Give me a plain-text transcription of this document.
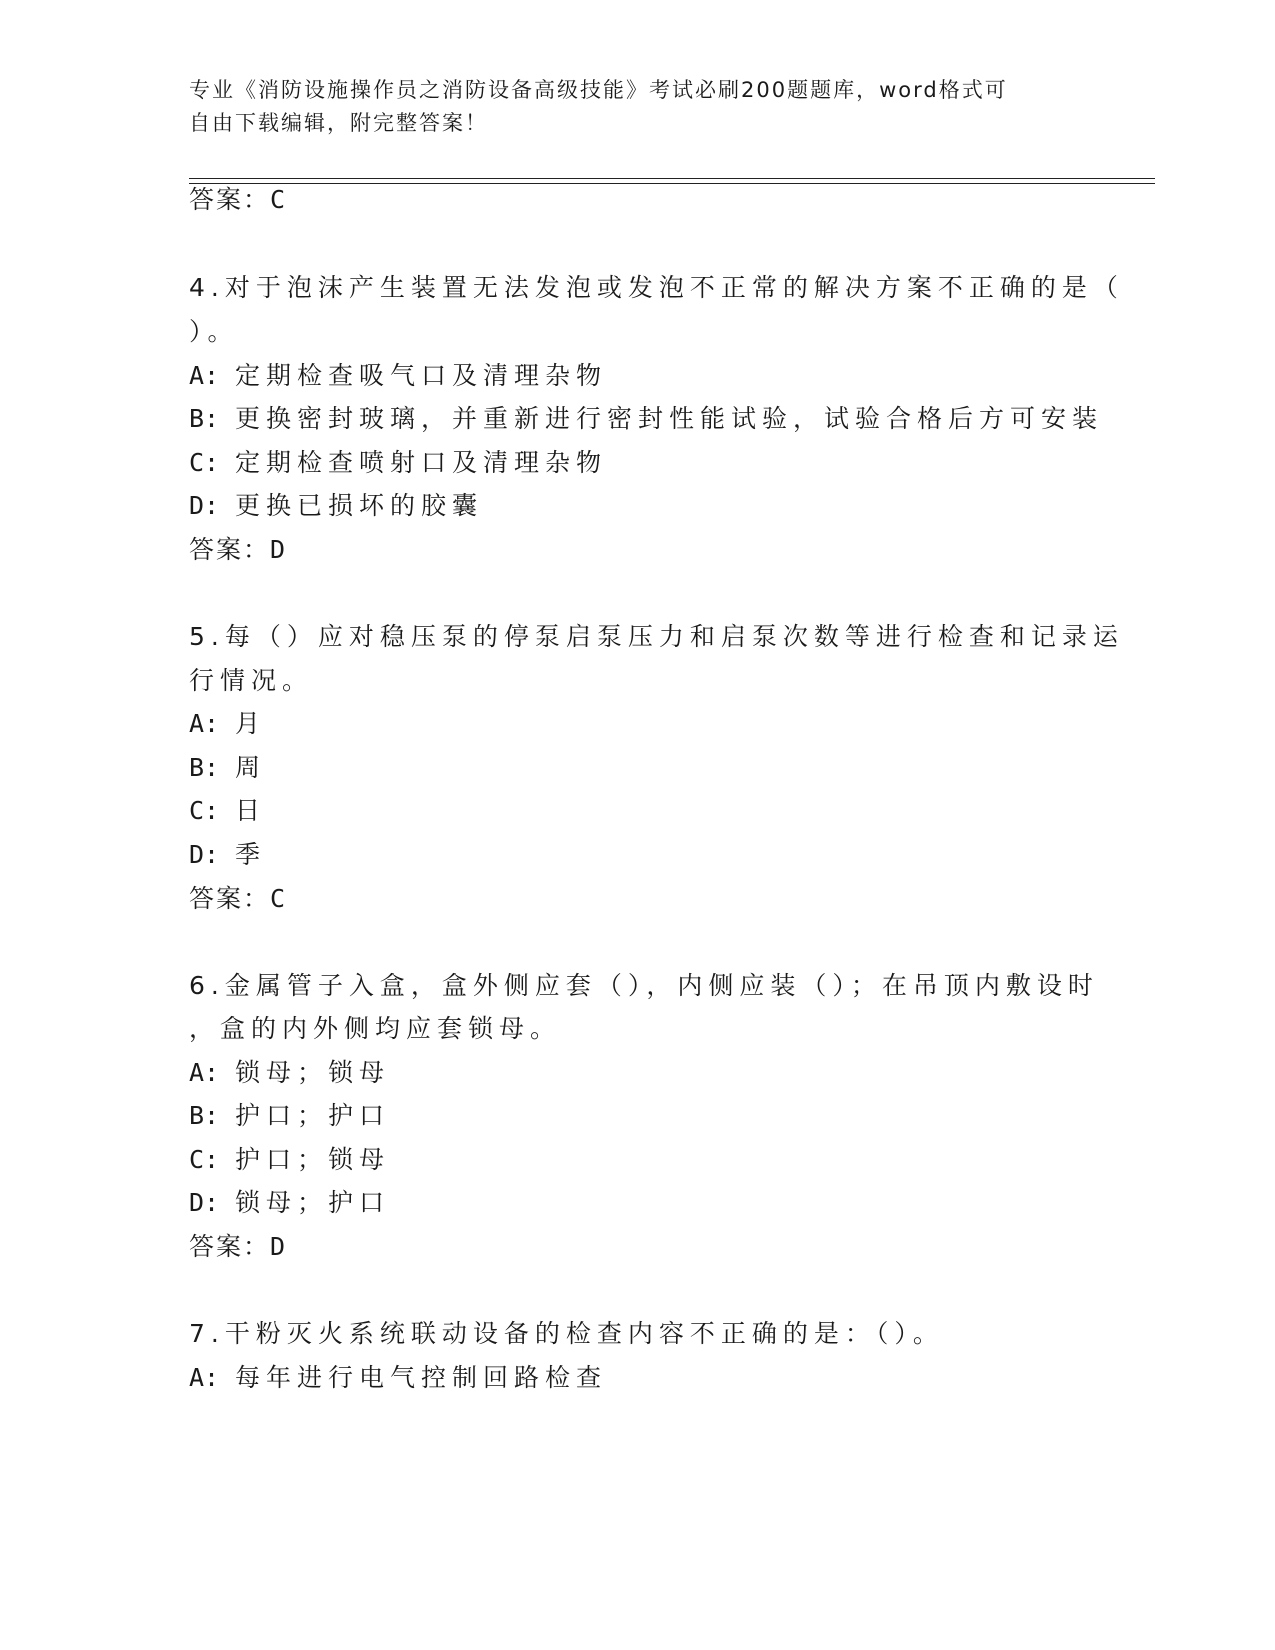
专业《消防设施操作员之消防设备高级技能》考试必刷200题题库，word格式可
自由下载编辑，附完整答案！
答案：C
4.对于泡沫产生装置无法发泡或发泡不正常的解决方案不正确的是（
）。
A: 定期检查吸气口及清理杂物
B: 更换密封玻璃，并重新进行密封性能试验，试验合格后方可安装
C: 定期检查喷射口及清理杂物
D: 更换已损坏的胶囊
答案：D
5.每（）应对稳压泵的停泵启泵压力和启泵次数等进行检查和记录运
行情况。
A: 月
B: 周
C: 日
D: 季
答案：C
6.金属管子入盒，盒外侧应套（），内侧应装（）；在吊顶内敷设时
，盒的内外侧均应套锁母。
A: 锁母；锁母
B: 护口；护口
C: 护口；锁母
D: 锁母；护口
答案：D
7.干粉灭火系统联动设备的检查内容不正确的是：（）。
A: 每年进行电气控制回路检查
